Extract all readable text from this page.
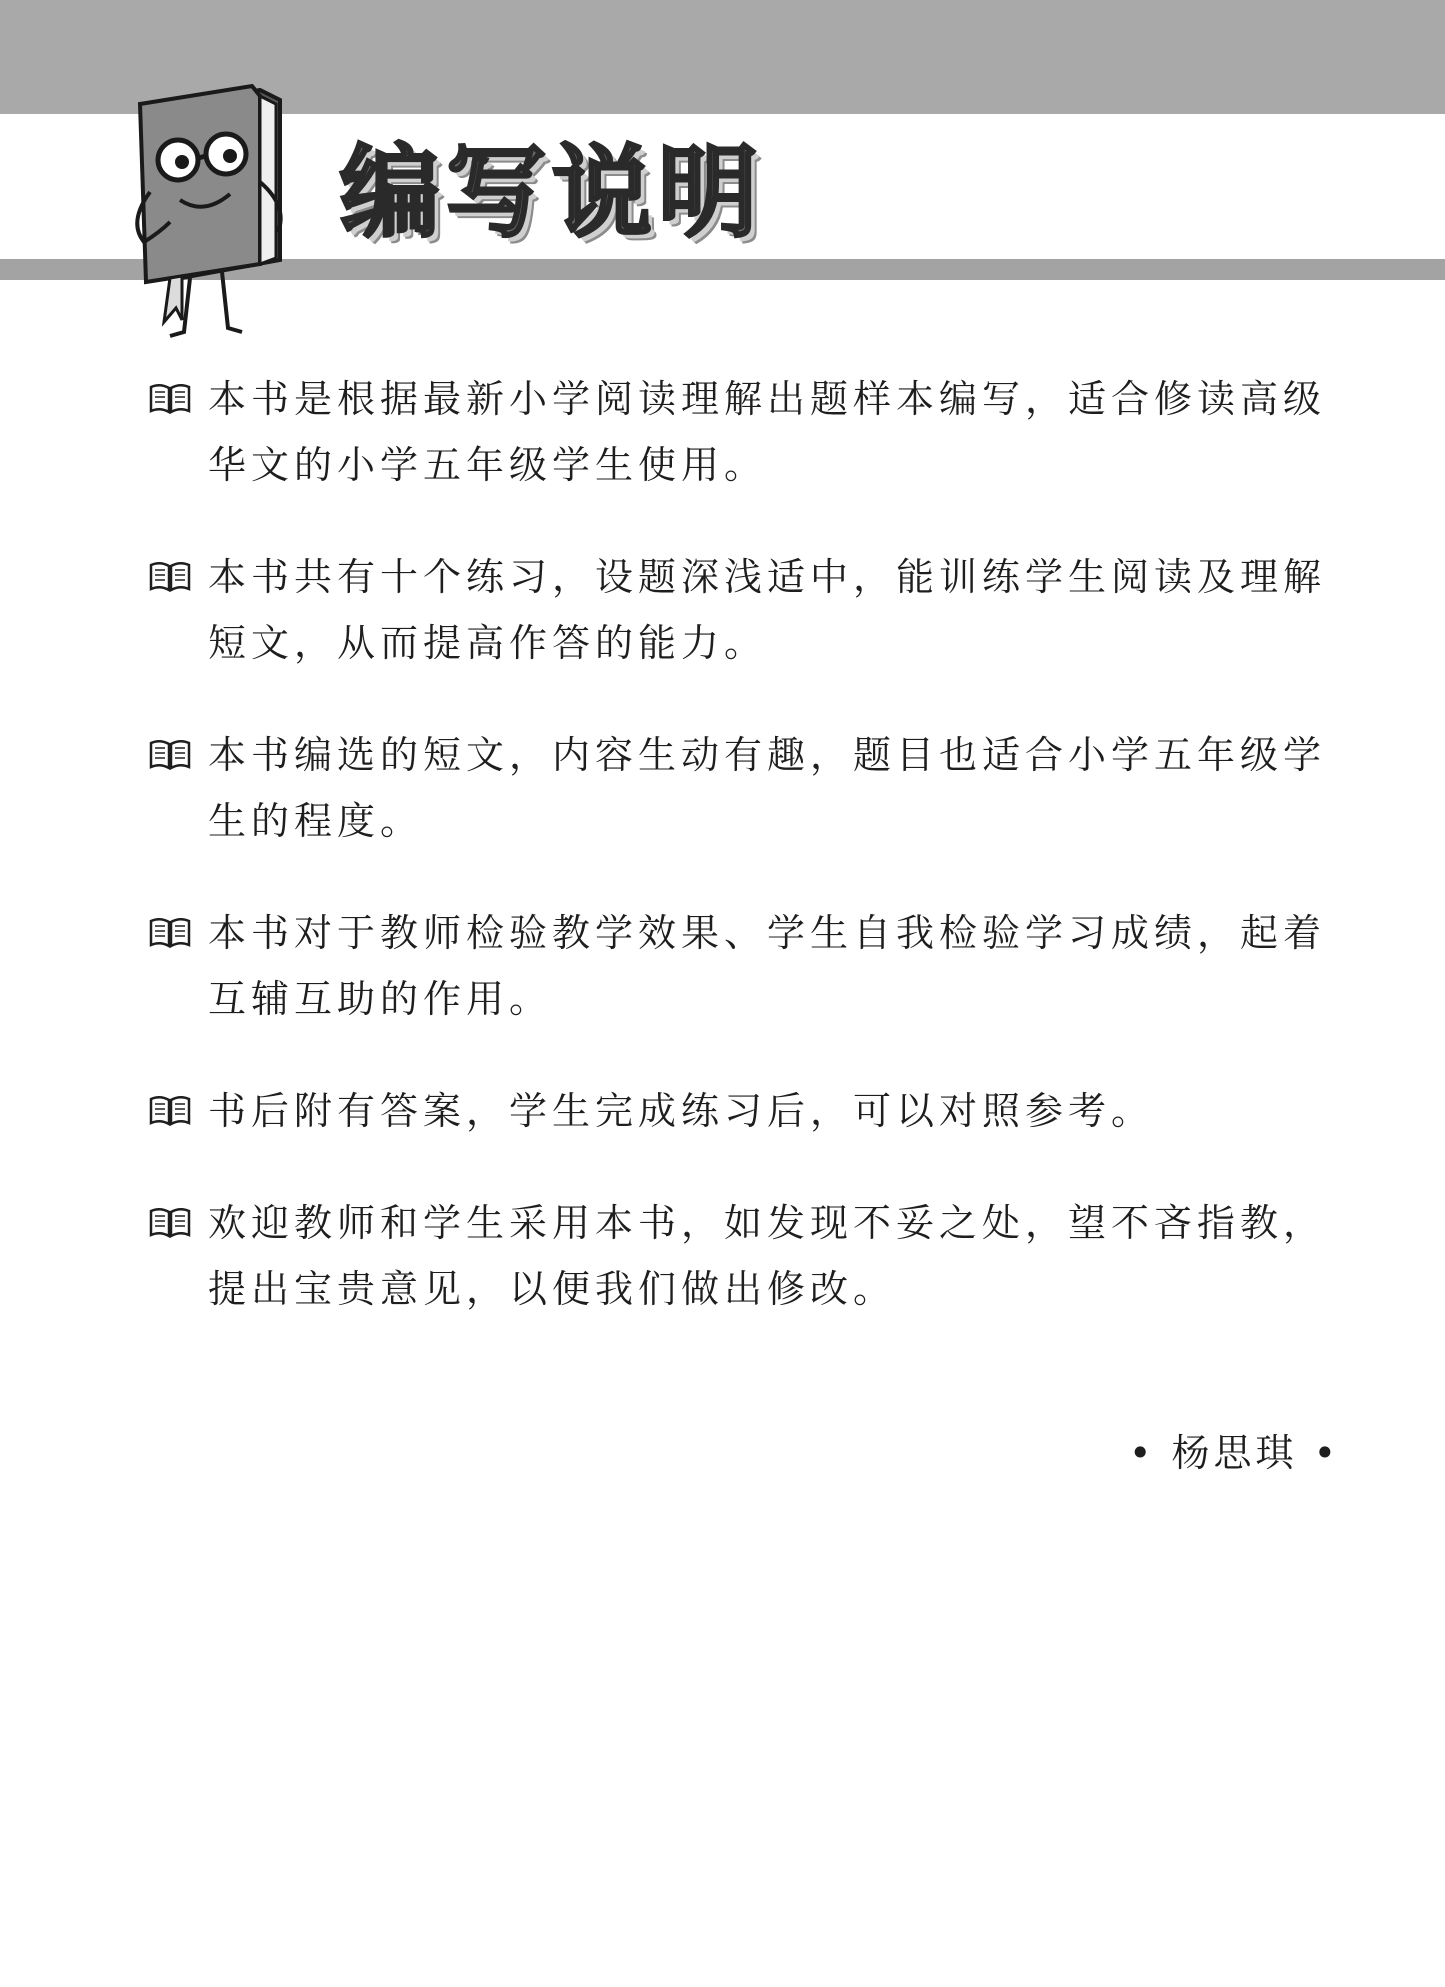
编写说明
本书是根据最新小学阅读理解出题样本编写，适合修读高级华文的小学五年级学生使用。
本书共有十个练习，设题深浅适中，能训练学生阅读及理解短文，从而提高作答的能力。
本书编选的短文，内容生动有趣，题目也适合小学五年级学生的程度。
本书对于教师检验教学效果、学生自我检验学习成绩，起着互辅互助的作用。
书后附有答案，学生完成练习后，可以对照参考。
欢迎教师和学生采用本书，如发现不妥之处，望不吝指教，提出宝贵意见，以便我们做出修改。
• 杨思琪 •
